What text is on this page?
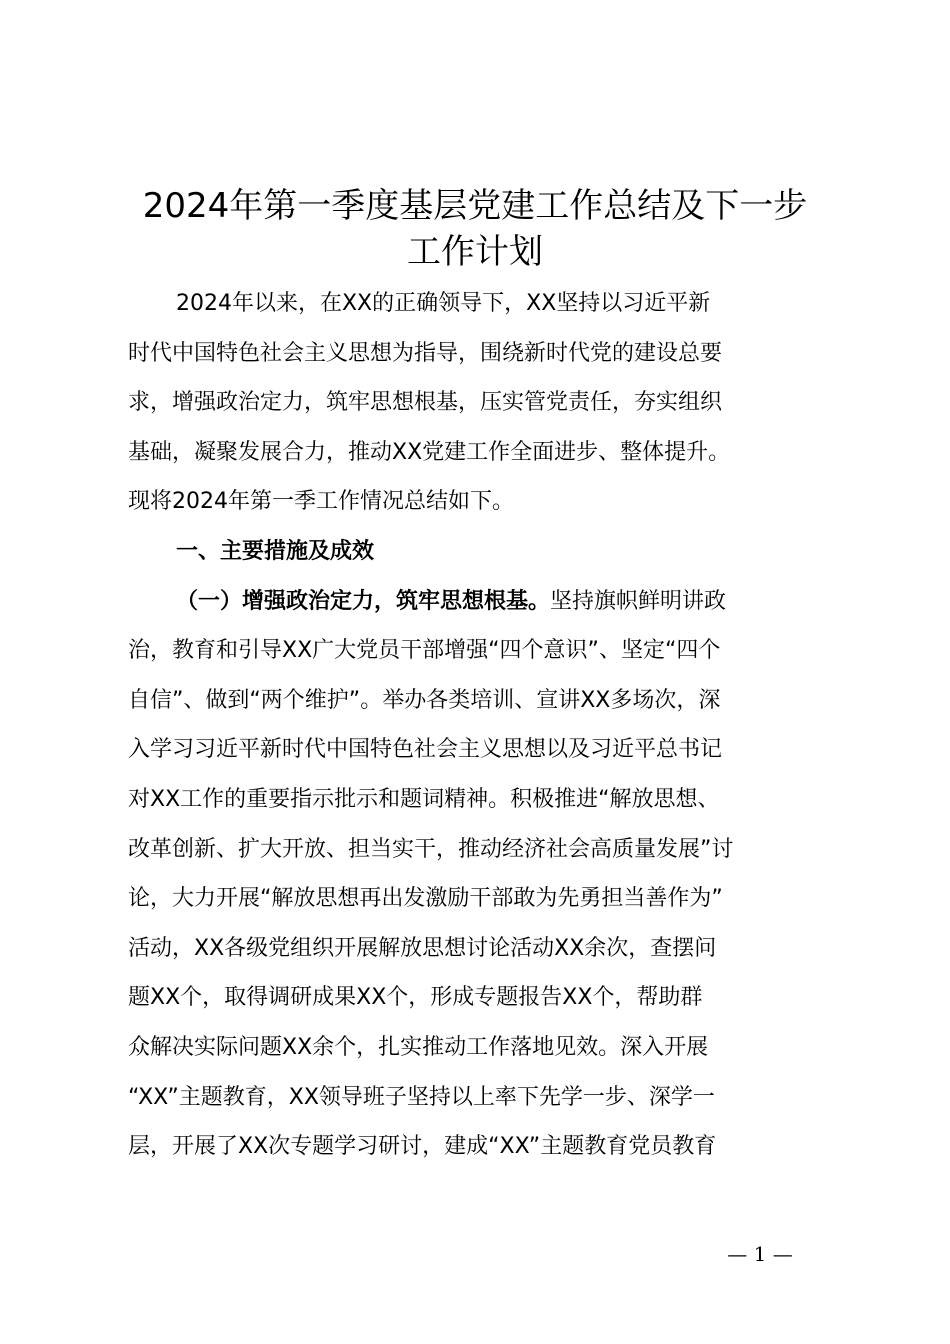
2024年第一季度基层党建工作总结及下一步
工作计划
2024年以来，在XX的正确领导下，XX坚持以习近平新
时代中国特色社会主义思想为指导，围绕新时代党的建设总要
求，增强政治定力，筑牢思想根基，压实管党责任，夯实组织
基础，凝聚发展合力，推动XX党建工作全面进步、整体提升。
现将2024年第一季工作情况总结如下。
一、主要措施及成效
（一）增强政治定力，筑牢思想根基。坚持旗帜鲜明讲政
治，教育和引导XX广大党员干部增强“四个意识”、坚定“四个
自信”、做到“两个维护”。举办各类培训、宣讲XX多场次，深
入学习习近平新时代中国特色社会主义思想以及习近平总书记
对XX工作的重要指示批示和题词精神。积极推进“解放思想、
改革创新、扩大开放、担当实干，推动经济社会高质量发展”讨
论，大力开展“解放思想再出发激励干部敢为先勇担当善作为”
活动，XX各级党组织开展解放思想讨论活动XX余次，查摆问
题XX个，取得调研成果XX个，形成专题报告XX个，帮助群
众解决实际问题XX余个，扎实推动工作落地见效。深入开展
“XX”主题教育，XX领导班子坚持以上率下先学一步、深学一
层，开展了XX次专题学习研讨，建成“XX”主题教育党员教育
— 1 —
